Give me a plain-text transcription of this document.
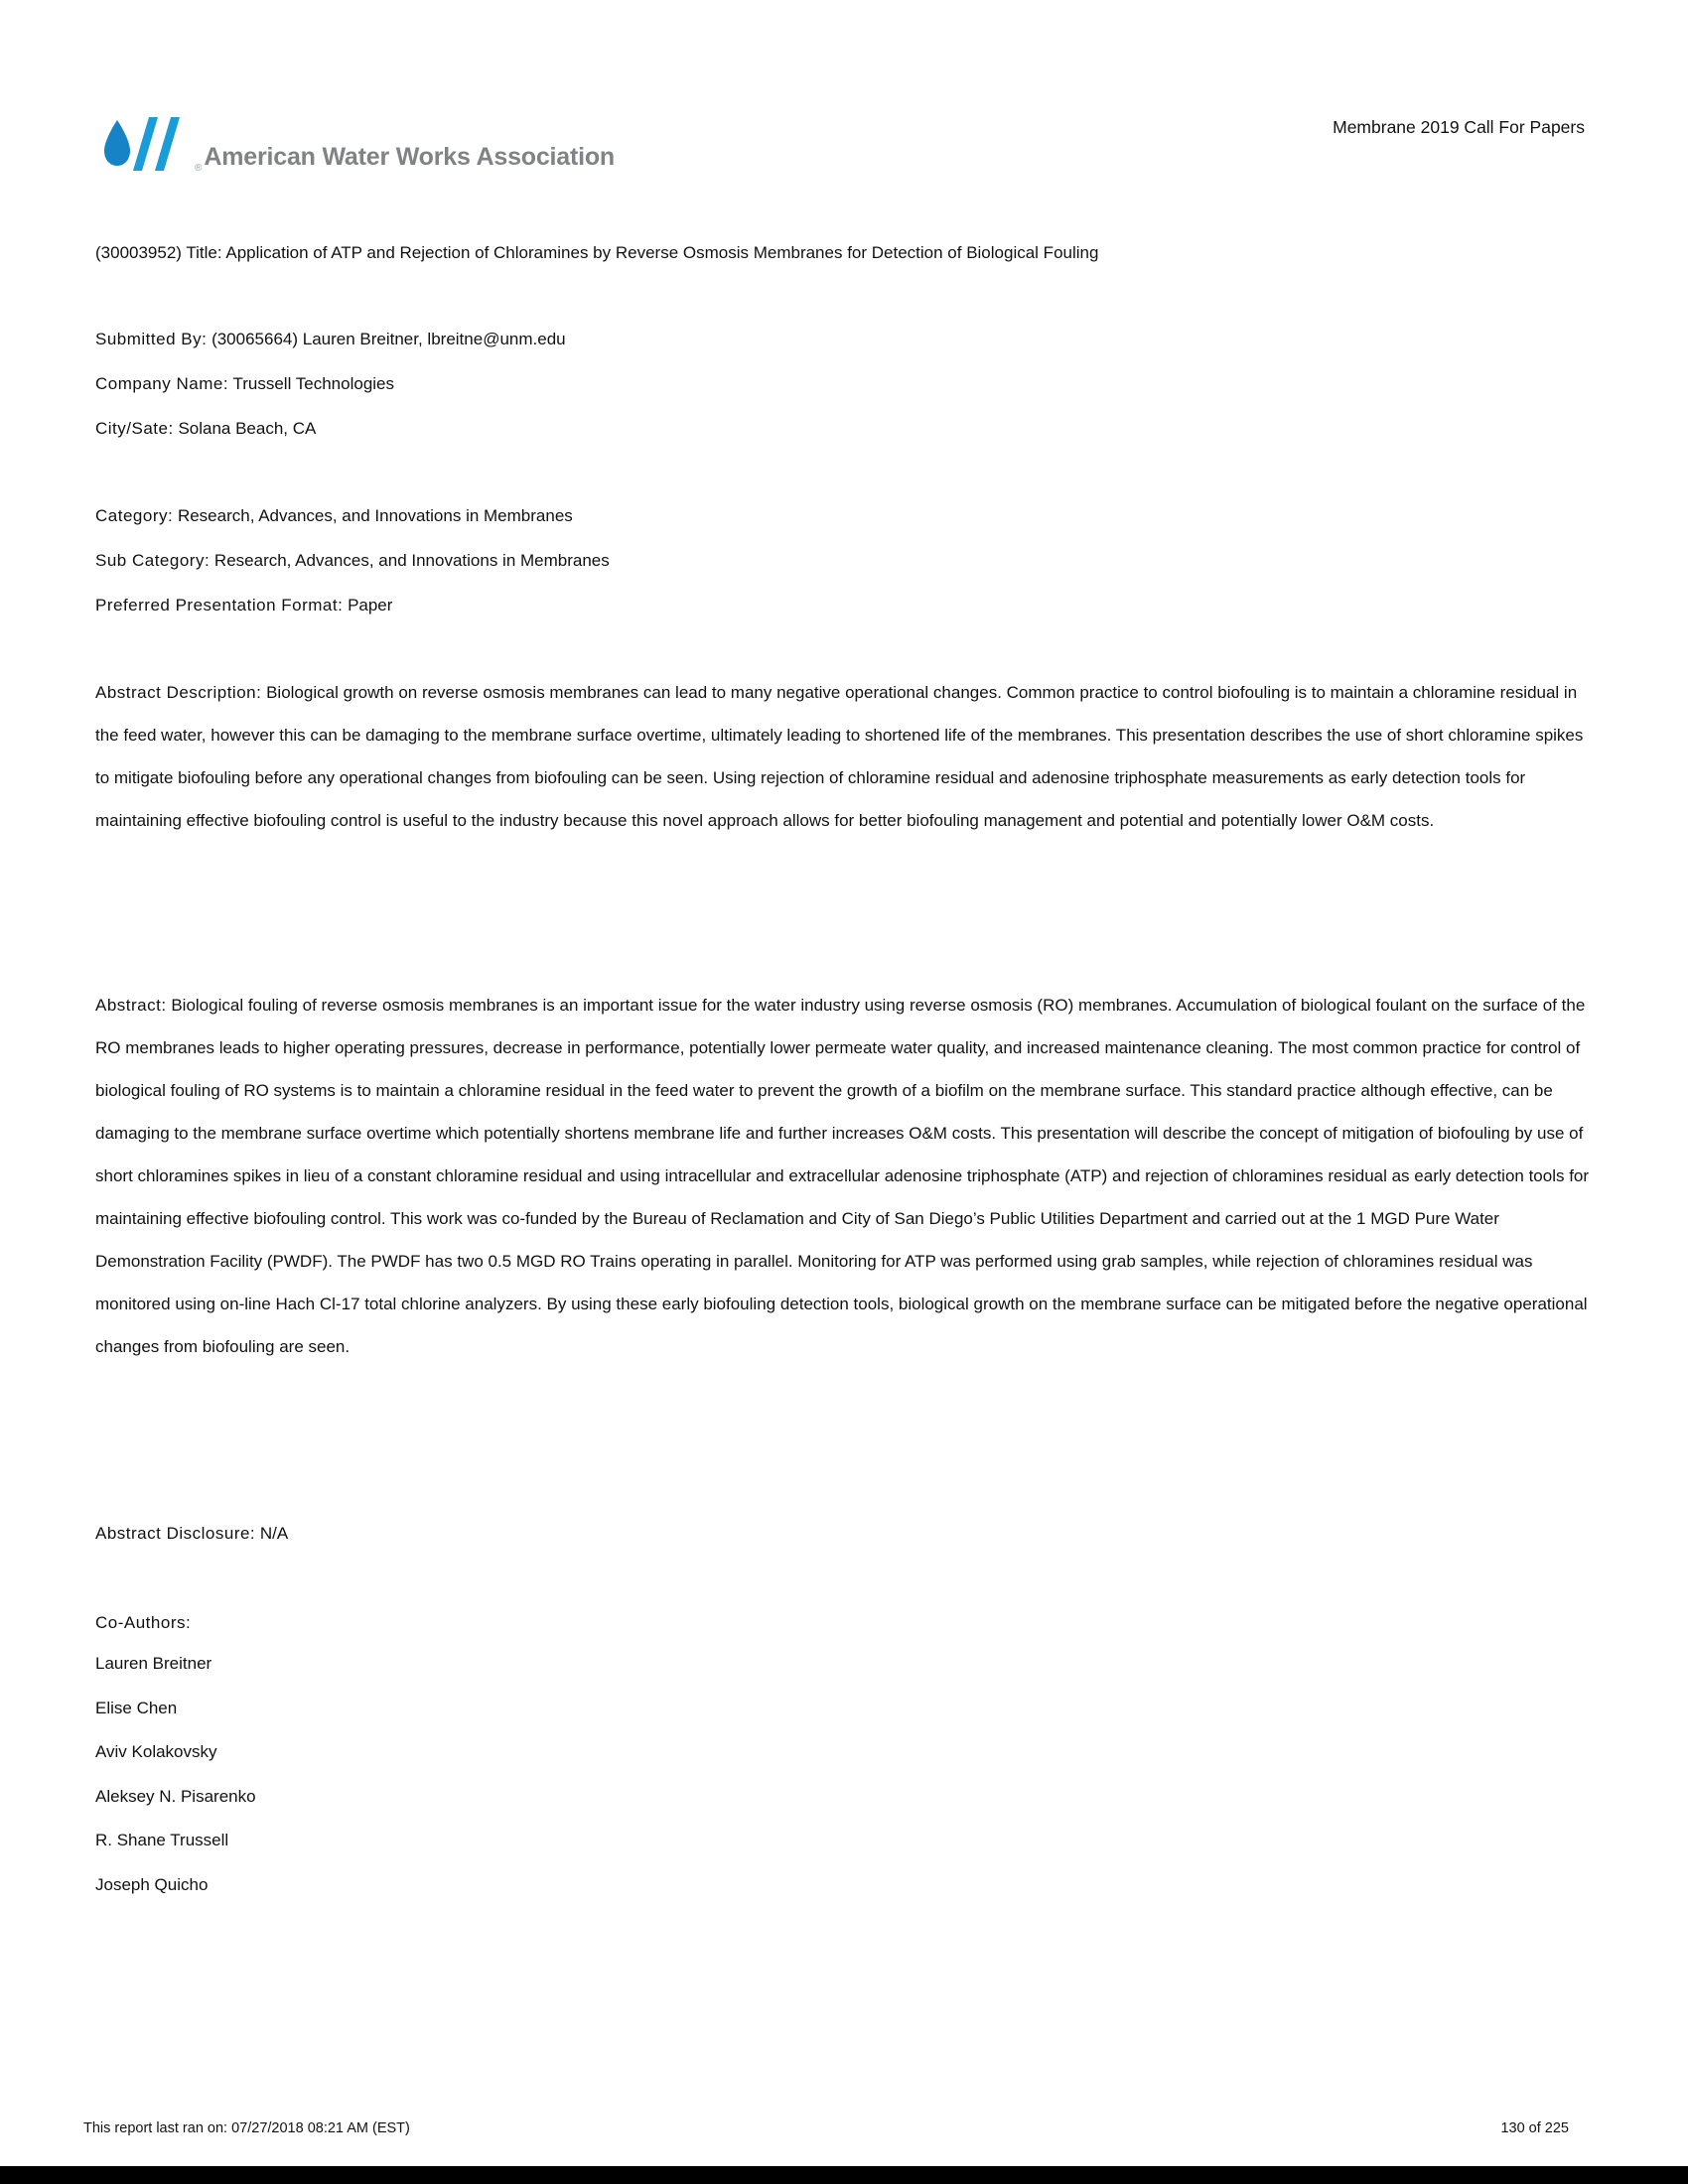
® American Water Works Association
Membrane 2019 Call For Papers
(30003952) Title: Application of ATP and Rejection of Chloramines by Reverse Osmosis Membranes for Detection of Biological Fouling
Submitted By: (30065664) Lauren Breitner, lbreitne@unm.edu
Company Name: Trussell Technologies
City/Sate: Solana Beach, CA
Category: Research, Advances, and Innovations in Membranes
Sub Category: Research, Advances, and Innovations in Membranes
Preferred Presentation Format: Paper
Abstract Description: Biological growth on reverse osmosis membranes can lead to many negative operational changes. Common practice to control biofouling is to maintain a chloramine residual in the feed water, however this can be damaging to the membrane surface overtime, ultimately leading to shortened life of the membranes. This presentation describes the use of short chloramine spikes to mitigate biofouling before any operational changes from biofouling can be seen. Using rejection of chloramine residual and adenosine triphosphate measurements as early detection tools for maintaining effective biofouling control is useful to the industry because this novel approach allows for better biofouling management and potential and potentially lower O&M costs.
Abstract: Biological fouling of reverse osmosis membranes is an important issue for the water industry using reverse osmosis (RO) membranes. Accumulation of biological foulant on the surface of the RO membranes leads to higher operating pressures, decrease in performance, potentially lower permeate water quality, and increased maintenance cleaning. The most common practice for control of biological fouling of RO systems is to maintain a chloramine residual in the feed water to prevent the growth of a biofilm on the membrane surface. This standard practice although effective, can be damaging to the membrane surface overtime which potentially shortens membrane life and further increases O&M costs. This presentation will describe the concept of mitigation of biofouling by use of short chloramines spikes in lieu of a constant chloramine residual and using intracellular and extracellular adenosine triphosphate (ATP) and rejection of chloramines residual as early detection tools for maintaining effective biofouling control. This work was co-funded by the Bureau of Reclamation and City of San Diego’s Public Utilities Department and carried out at the 1 MGD Pure Water Demonstration Facility (PWDF). The PWDF has two 0.5 MGD RO Trains operating in parallel. Monitoring for ATP was performed using grab samples, while rejection of chloramines residual was monitored using on-line Hach Cl-17 total chlorine analyzers. By using these early biofouling detection tools, biological growth on the membrane surface can be mitigated before the negative operational changes from biofouling are seen.
Abstract Disclosure: N/A
Co-Authors:
Lauren Breitner
Elise Chen
Aviv Kolakovsky
Aleksey N. Pisarenko
R. Shane Trussell
Joseph Quicho
This report last ran on: 07/27/2018 08:21 AM (EST)	130 of 225
